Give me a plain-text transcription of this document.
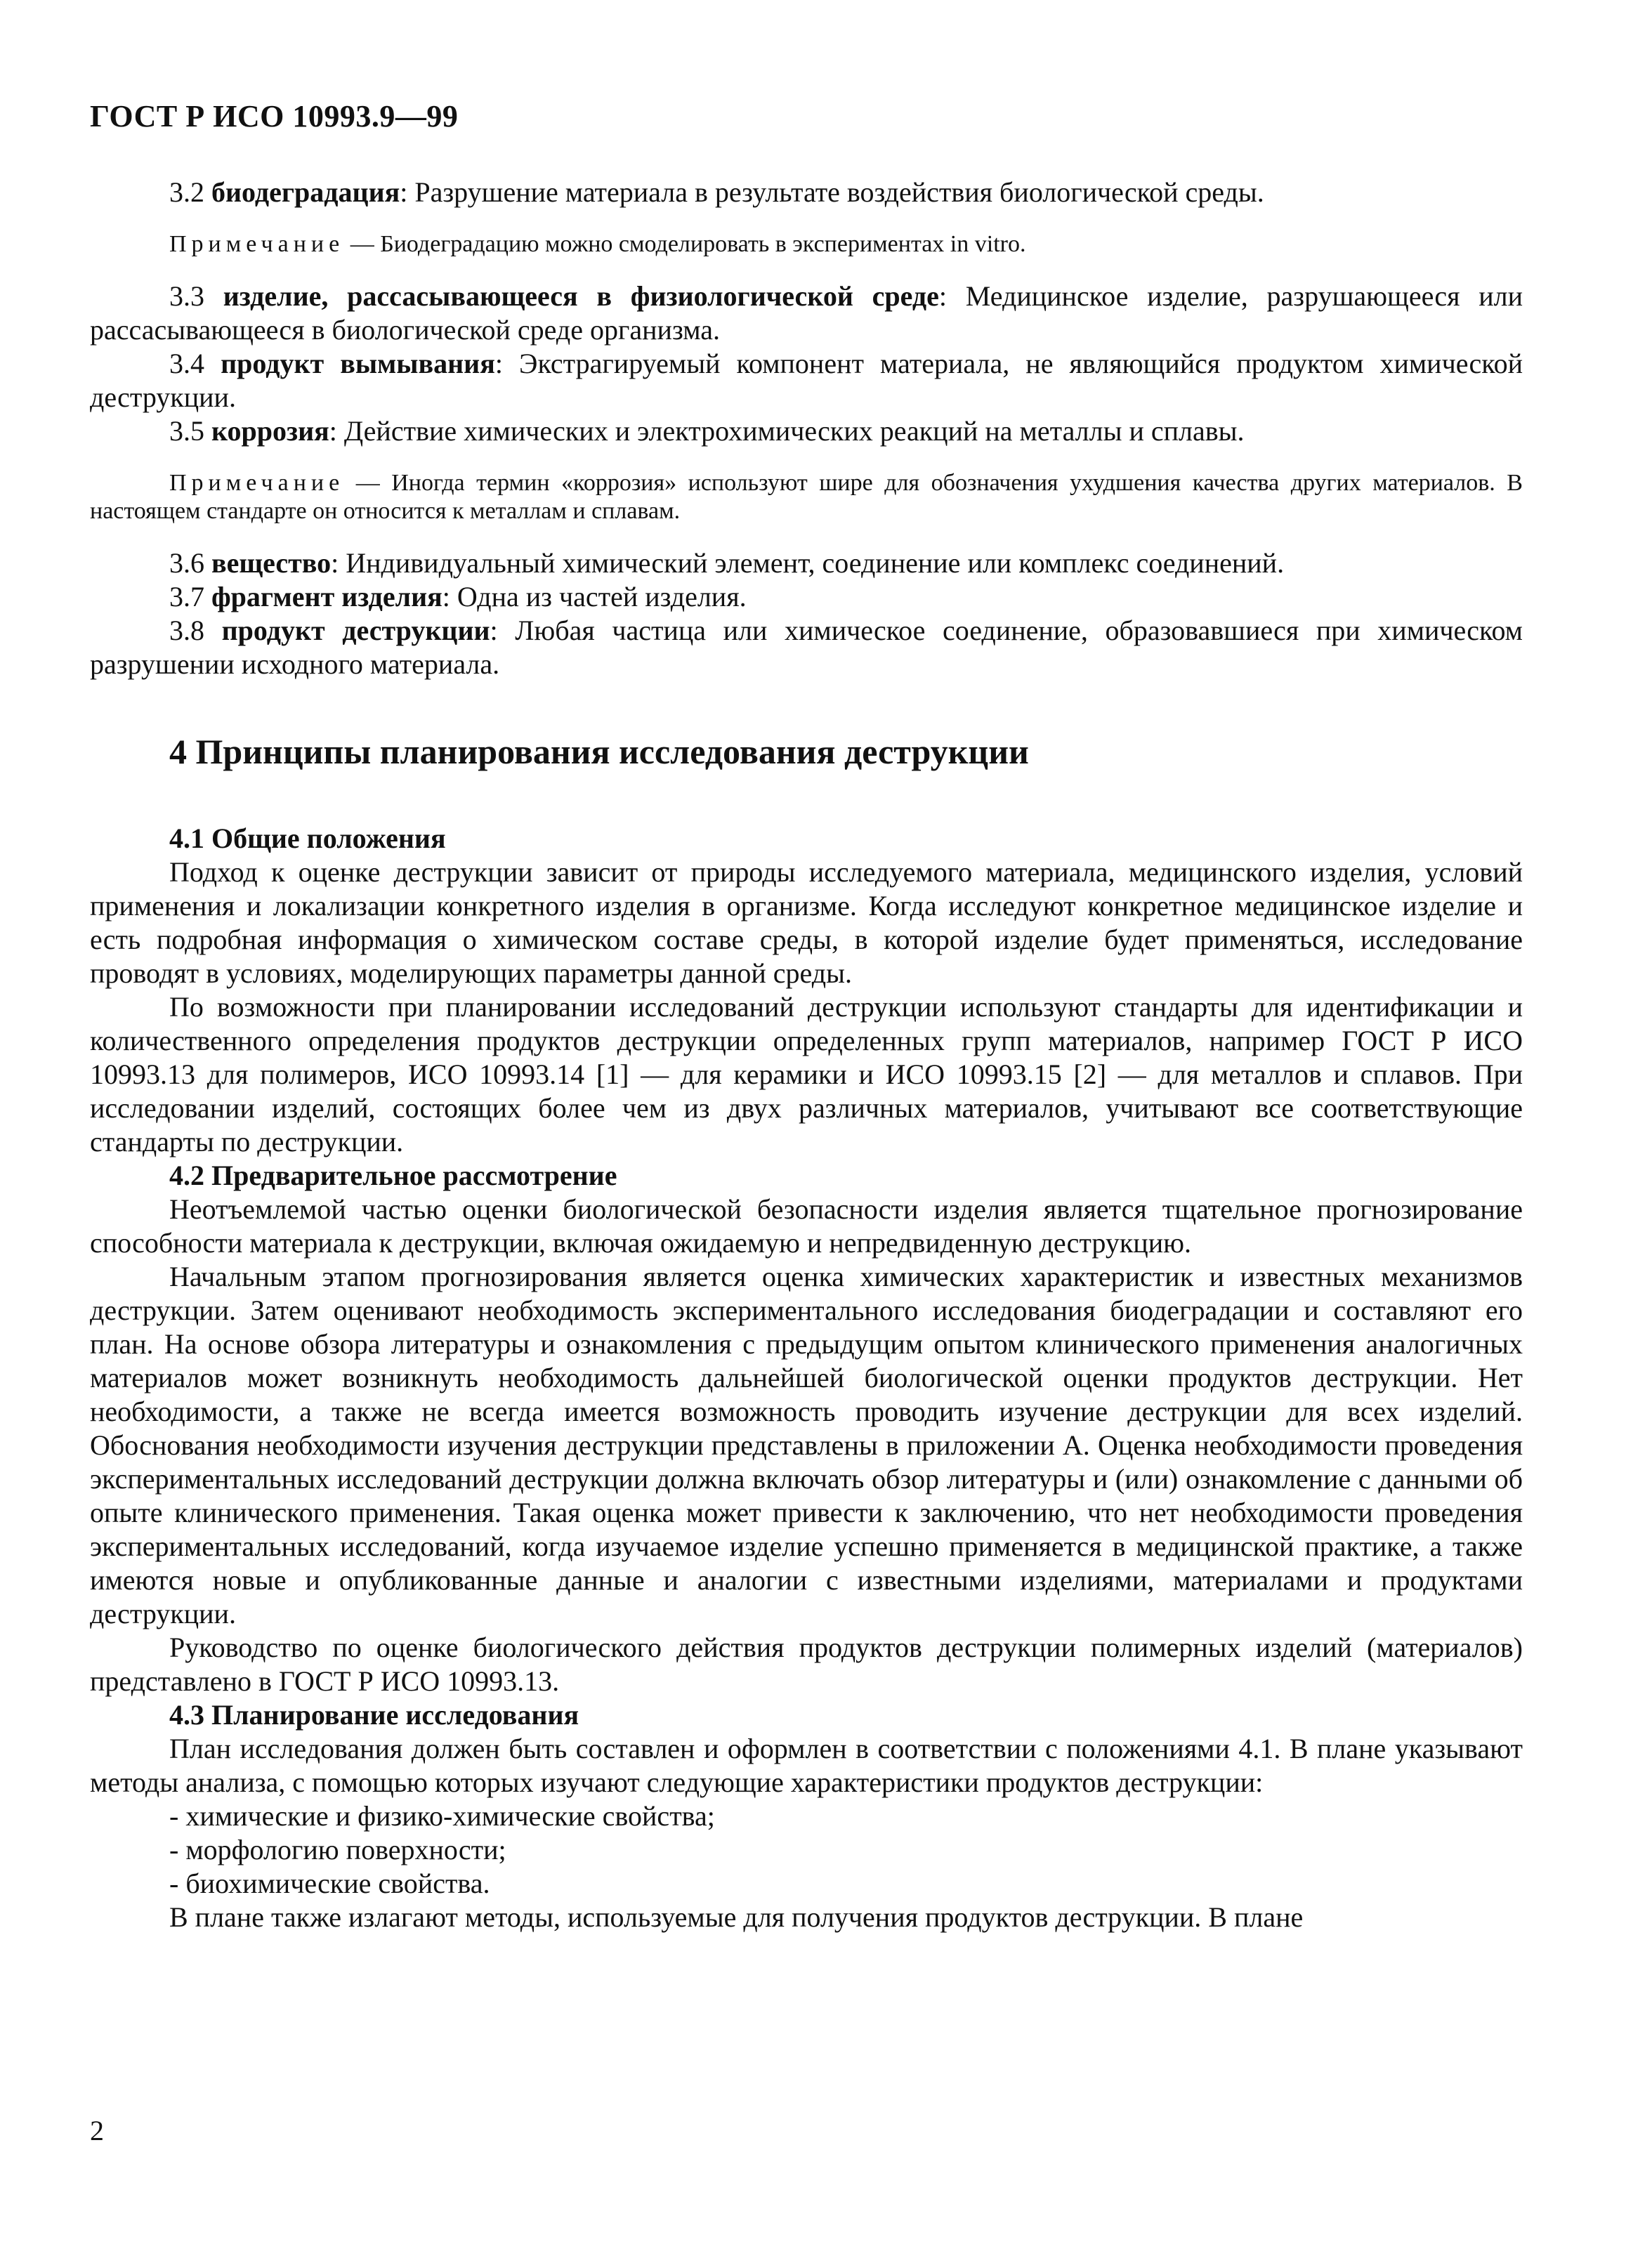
ГОСТ Р ИСО 10993.9—99

3.2 биодеградация: Разрушение материала в результате воздействия биологической среды.

Примечание — Биодеградацию можно смоделировать в экспериментах in vitro.

3.3 изделие, рассасывающееся в физиологической среде: Медицинское изделие, разрушающееся или рассасывающееся в биологической среде организма.

3.4 продукт вымывания: Экстрагируемый компонент материала, не являющийся продуктом химической деструкции.

3.5 коррозия: Действие химических и электрохимических реакций на металлы и сплавы.

Примечание — Иногда термин «коррозия» используют шире для обозначения ухудшения качества других материалов. В настоящем стандарте он относится к металлам и сплавам.

3.6 вещество: Индивидуальный химический элемент, соединение или комплекс соединений.

3.7 фрагмент изделия: Одна из частей изделия.

3.8 продукт деструкции: Любая частица или химическое соединение, образовавшиеся при химическом разрушении исходного материала.

4 Принципы планирования исследования деструкции

4.1 Общие положения

Подход к оценке деструкции зависит от природы исследуемого материала, медицинского изделия, условий применения и локализации конкретного изделия в организме. Когда исследуют конкретное медицинское изделие и есть подробная информация о химическом составе среды, в которой изделие будет применяться, исследование проводят в условиях, моделирующих параметры данной среды.

По возможности при планировании исследований деструкции используют стандарты для идентификации и количественного определения продуктов деструкции определенных групп материалов, например ГОСТ Р ИСО 10993.13 для полимеров, ИСО 10993.14 [1] — для керамики и ИСО 10993.15 [2] — для металлов и сплавов. При исследовании изделий, состоящих более чем из двух различных материалов, учитывают все соответствующие стандарты по деструкции.

4.2 Предварительное рассмотрение

Неотъемлемой частью оценки биологической безопасности изделия является тщательное прогнозирование способности материала к деструкции, включая ожидаемую и непредвиденную деструкцию.

Начальным этапом прогнозирования является оценка химических характеристик и известных механизмов деструкции. Затем оценивают необходимость экспериментального исследования биодеградации и составляют его план. На основе обзора литературы и ознакомления с предыдущим опытом клинического применения аналогичных материалов может возникнуть необходимость дальнейшей биологической оценки продуктов деструкции. Нет необходимости, а также не всегда имеется возможность проводить изучение деструкции для всех изделий. Обоснования необходимости изучения деструкции представлены в приложении А. Оценка необходимости проведения экспериментальных исследований деструкции должна включать обзор литературы и (или) ознакомление с данными об опыте клинического применения. Такая оценка может привести к заключению, что нет необходимости проведения экспериментальных исследований, когда изучаемое изделие успешно применяется в медицинской практике, а также имеются новые и опубликованные данные и аналогии с известными изделиями, материалами и продуктами деструкции.

Руководство по оценке биологического действия продуктов деструкции полимерных изделий (материалов) представлено в ГОСТ Р ИСО 10993.13.

4.3 Планирование исследования

План исследования должен быть составлен и оформлен в соответствии с положениями 4.1. В плане указывают методы анализа, с помощью которых изучают следующие характеристики продуктов деструкции:

- химические и физико-химические свойства;

- морфологию поверхности;

- биохимические свойства.

В плане также излагают методы, используемые для получения продуктов деструкции. В плане

2
